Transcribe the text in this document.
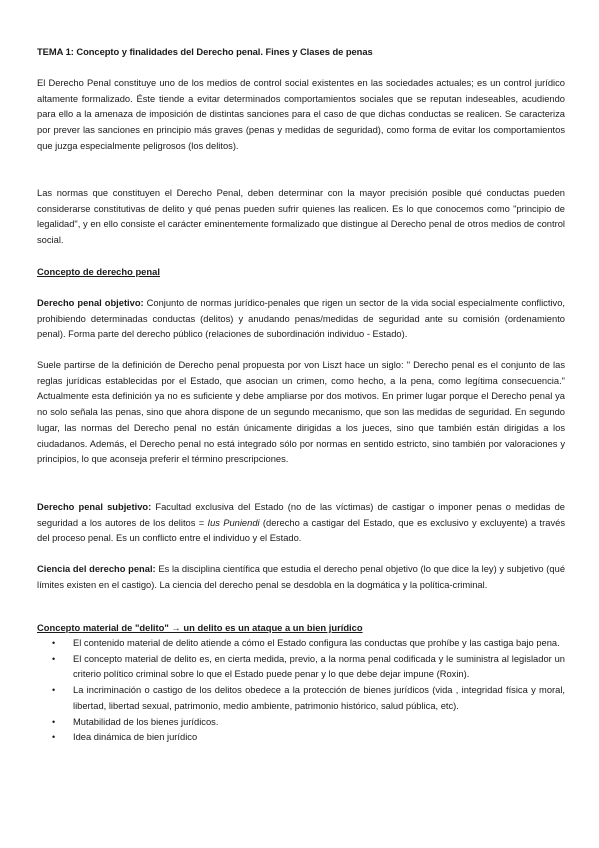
TEMA 1: Concepto y finalidades del Derecho penal. Fines y Clases de penas

El Derecho Penal constituye uno de los medios de control social existentes en las sociedades actuales; es un control jurídico altamente formalizado. Éste tiende a evitar determinados comportamientos sociales que se reputan indeseables, acudiendo para ello a la amenaza de imposición de distintas sanciones para el caso de que dichas conductas se realicen. Se caracteriza por prever las sanciones en principio más graves (penas y medidas de seguridad), como forma de evitar los comportamientos que juzga especialmente peligrosos (los delitos).

Las normas que constituyen el Derecho Penal, deben determinar con la mayor precisión posible qué conductas pueden considerarse constitutivas de delito y qué penas pueden sufrir quienes las realicen. Es lo que conocemos como "principio de legalidad", y en ello consiste el carácter eminentemente formalizado que distingue al Derecho penal de otros medios de control social.

Concepto de derecho penal

Derecho penal objetivo: Conjunto de normas jurídico-penales que rigen un sector de la vida social especialmente conflictivo, prohibiendo determinadas conductas (delitos) y anudando penas/medidas de seguridad ante su comisión (ordenamiento penal). Forma parte del derecho público (relaciones de subordinación individuo - Estado).

Suele partirse de la definición de Derecho penal propuesta por von Liszt hace un siglo: " Derecho penal es el conjunto de las reglas jurídicas establecidas por el Estado, que asocian un crimen, como hecho, a la pena, como legítima consecuencia." Actualmente esta definición ya no es suficiente y debe ampliarse por dos motivos. En primer lugar porque el Derecho penal ya no solo señala las penas, sino que ahora dispone de un segundo mecanismo, que son las medidas de seguridad. En segundo lugar, las normas del Derecho penal no están únicamente dirigidas a los jueces, sino que también están dirigidas a los ciudadanos. Además, el Derecho penal no está integrado sólo por normas en sentido estricto, sino también por valoraciones y principios, lo que aconseja preferir el término prescripciones.

Derecho penal subjetivo: Facultad exclusiva del Estado (no de las víctimas) de castigar o imponer penas o medidas de seguridad a los autores de los delitos = Ius Puniendi (derecho a castigar del Estado, que es exclusivo y excluyente) a través del proceso penal. Es un conflicto entre el individuo y el Estado.

Ciencia del derecho penal: Es la disciplina científica que estudia el derecho penal objetivo (lo que dice la ley) y subjetivo (qué límites existen en el castigo). La ciencia del derecho penal se desdobla en la dogmática y la política-criminal.

Concepto material de "delito" → un delito es un ataque a un bien jurídico

• El contenido material de delito atiende a cómo el Estado configura las conductas que prohíbe y las castiga bajo pena.
• El concepto material de delito es, en cierta medida, previo, a la norma penal codificada y le suministra al legislador un criterio político criminal sobre lo que el Estado puede penar y lo que debe dejar impune (Roxin).
• La incriminación o castigo de los delitos obedece a la protección de bienes jurídicos (vida , integridad física y moral, libertad, libertad sexual, patrimonio, medio ambiente, patrimonio histórico, salud pública, etc).
• Mutabilidad de los bienes jurídicos.
• Idea dinámica de bien jurídico
